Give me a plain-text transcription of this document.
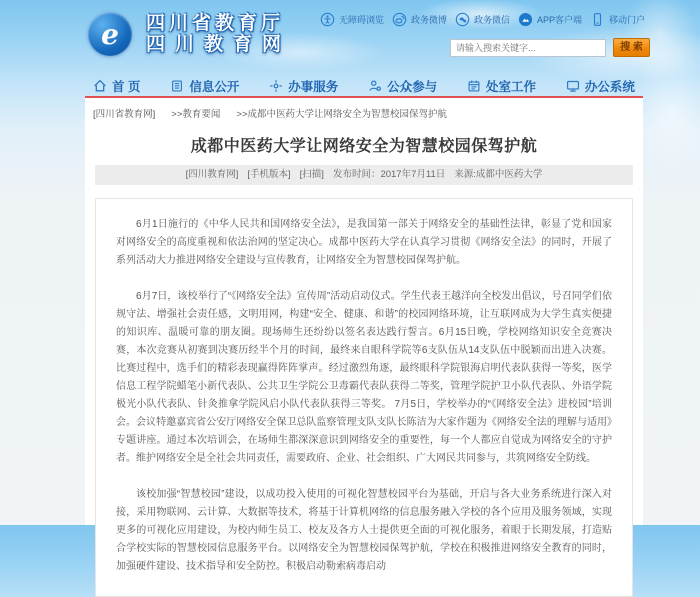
e 四川省教育厅
四川教育网
无障碍浏览	政务微博	政务微信	APP客户端	移动门户
请输入搜索关键字...
搜 索
首 页	信息公开	办事服务	公众参与	处室工作	办公系统
[四川省教育网] >>教育要闻 >>成都中医药大学让网络安全为智慧校园保驾护航
成都中医药大学让网络安全为智慧校园保驾护航
[四川教育网] [手机版本] [扫描] 发布时间：2017年7月11日 来源:成都中医药大学

6月1日施行的《中华人民共和国网络安全法》，是我国第一部关于网络安全的基础性法律，彰显了党和国家对网络安全的高度重视和依法治网的坚定决心。成都中医药大学在认真学习贯彻《网络安全法》的同时，开展了系列活动大力推进网络安全建设与宣传教育，让网络安全为智慧校园保驾护航。

6月7日，该校举行了“《网络安全法》宣传周”活动启动仪式。学生代表王越洋向全校发出倡议，号召同学们依规守法、增强社会责任感，文明用网，构建“安全、健康、和谐”的校园网络环境，让互联网成为大学生真实便捷的知识库、温暖可靠的朋友圈。现场师生还纷纷以签名表达践行誓言。6月15日晚，学校网络知识安全竞赛决赛，本次竞赛从初赛到决赛历经半个月的时间，最终来自眼科学院等6支队伍从14支队伍中脱颖而出进入决赛。比赛过程中，选手们的精彩表现赢得阵阵掌声。经过激烈角逐，最终眼科学院银海启明代表队获得一等奖，医学信息工程学院蜡笔小新代表队、公共卫生学院公卫毒霸代表队获得二等奖，管理学院护卫小队代表队、外语学院极光小队代表队、针灸推拿学院风启小队代表队获得三等奖。 7月5日，学校举办的“《网络安全法》进校园”培训会。会议特邀嘉宾省公安厅网络安全保卫总队监察管理支队支队长陈洁为大家作题为《网络安全法的理解与适用》专题讲座。通过本次培训会，在场师生都深深意识到网络安全的重要性，每一个人都应自觉成为网络安全的守护者。维护网络安全是全社会共同责任，需要政府、企业、社会组织、广大网民共同参与，共筑网络安全防线。

该校加强“智慧校园”建设，以成功投入使用的可视化智慧校园平台为基础，开启与各大业务系统进行深入对接，采用物联网、云计算、大数据等技术，将基于计算机网络的信息服务融入学校的各个应用及服务领域，实现更多的可视化应用建设，为校内师生员工、校友及各方人士提供更全面的可视化服务，着眼于长期发展，打造贴合学校实际的智慧校园信息服务平台。以网络安全为智慧校园保驾护航，学校在积极推进网络安全教育的同时，加强硬件建设、技术指导和安全防控。积极启动勒索病毒启动
